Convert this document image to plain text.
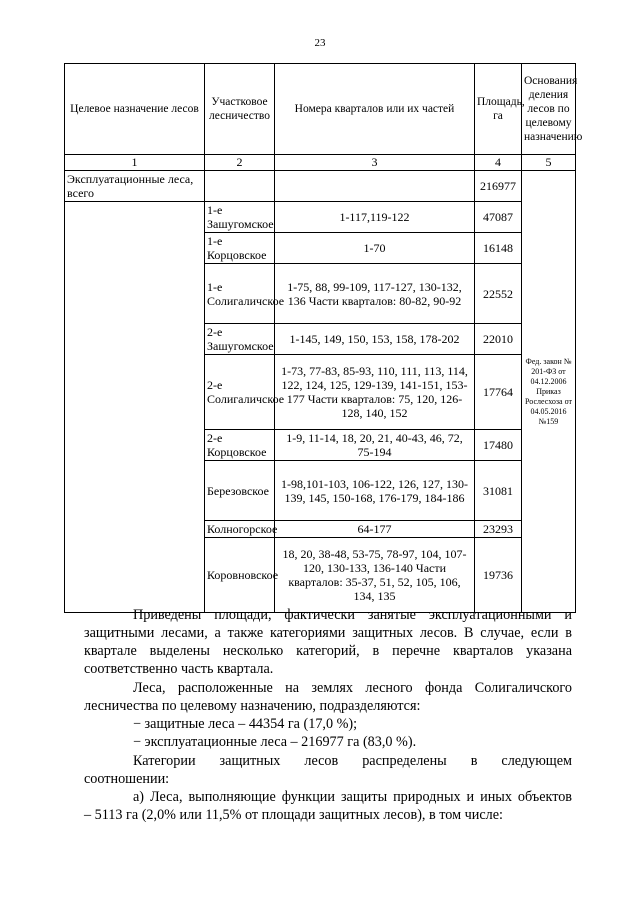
23
Целевое назначение лесов	Участковое лесничество	Номера кварталов или их частей	Площадь, га	Основания деления лесов по целевому назначению
1	2	3	4	5
Эксплуатационные леса, всего			216977	Фед. закон № 201-ФЗ от 04.12.2006 Приказ Рослесхоза от 04.05.2016 №159
	1-е Зашугомское	1-117,119-122	47087	
	1-е Корцовское	1-70	16148	
	1-е Солигаличское	1-75, 88, 99-109, 117-127, 130-132, 136 Части кварталов: 80-82, 90-92	22552	
	2-е Зашугомское	1-145, 149, 150, 153, 158, 178-202	22010	
	2-е Солигаличское	1-73, 77-83, 85-93, 110, 111, 113, 114, 122, 124, 125, 129-139, 141-151, 153-177 Части кварталов: 75, 120, 126-128, 140, 152	17764	
	2-е Корцовское	1-9, 11-14, 18, 20, 21, 40-43, 46, 72, 75-194	17480	
	Березовское	1-98,101-103, 106-122, 126, 127, 130-139, 145, 150-168, 176-179, 184-186	31081	
	Колногорское	64-177	23293	
	Коровновское	18, 20, 38-48, 53-75, 78-97, 104, 107-120, 130-133, 136-140 Части кварталов: 35-37, 51, 52, 105, 106, 134, 135	19736	
Приведены площади, фактически занятые эксплуатационными и
защитными лесами, а также категориями защитных лесов. В случае, если в
квартале выделены несколько категорий, в перечне кварталов указана
соответственно часть квартала.
Леса, расположенные на землях лесного фонда Солигаличского
лесничества по целевому назначению, подразделяются:
− защитные леса – 44354 га (17,0 %);
− эксплуатационные леса – 216977 га (83,0 %).
Категории защитных лесов распределены в следующем
соотношении:
а) Леса, выполняющие функции защиты природных и иных объектов
– 5113 га (2,0% или 11,5% от площади защитных лесов), в том числе:
